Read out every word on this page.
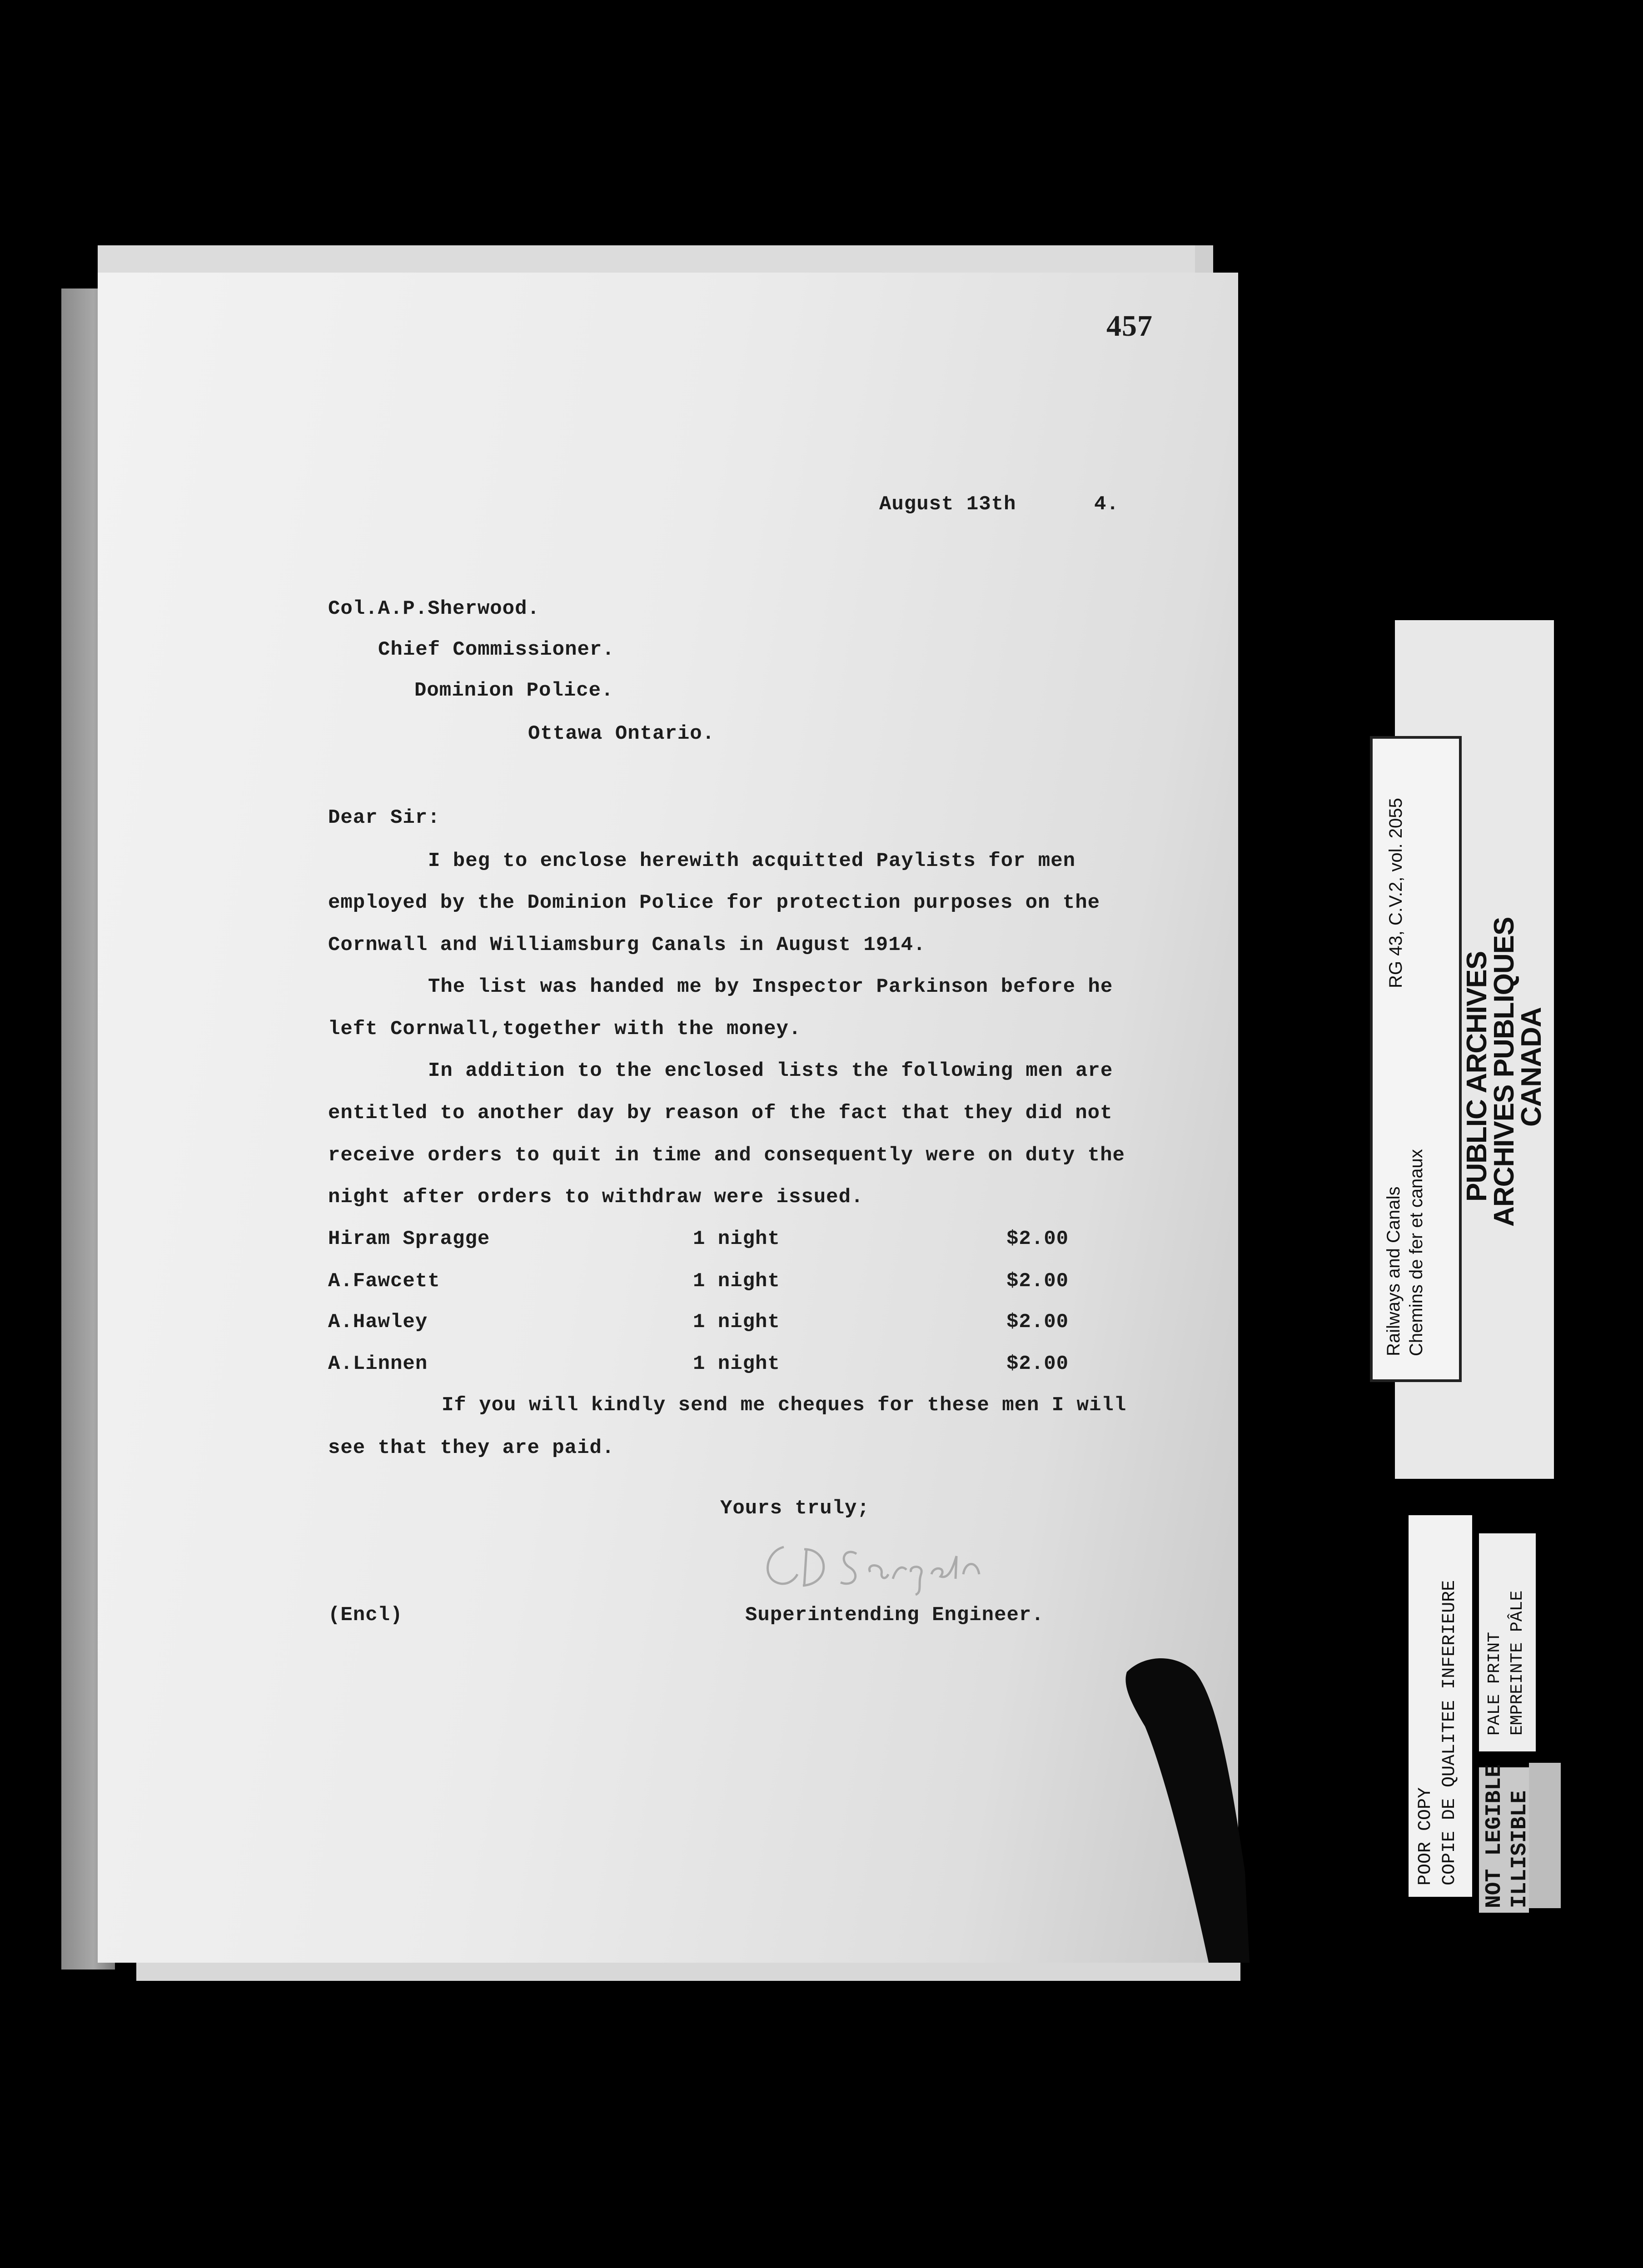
457
August 13th	4.
Col.A.P.Sherwood.
Chief Commissioner.
Dominion Police.
Ottawa Ontario.
Dear Sir:
I beg to enclose herewith acquitted Paylists for men
employed by the Dominion Police for protection purposes on the
Cornwall and Williamsburg Canals in August 1914.
The list was handed me by Inspector Parkinson before he
left Cornwall,together with the money.
In addition to the enclosed lists the following men are
entitled to another day by reason of the fact that they did not
receive orders to quit in time and consequently were on duty the
night after orders to withdraw were issued.
Hiram Spragge	1 night	$2.00
A.Fawcett	1 night	$2.00
A.Hawley	1 night	$2.00
A.Linnen	1 night	$2.00
If you will kindly send me cheques for these men I will
see that they are paid.
Yours truly;
(Encl)	Superintending Engineer.
Railways and Canals Chemins de fer et canaux
RG 43, C.V.2, vol. 2055
PUBLIC ARCHIVES
ARCHIVES PUBLIQUES
CANADA
POOR COPY COPIE DE QUALITEE INFERIEURE PALE PRINT EMPREINTE PÂLE
NOT LEGIBLE ILLISIBLE
